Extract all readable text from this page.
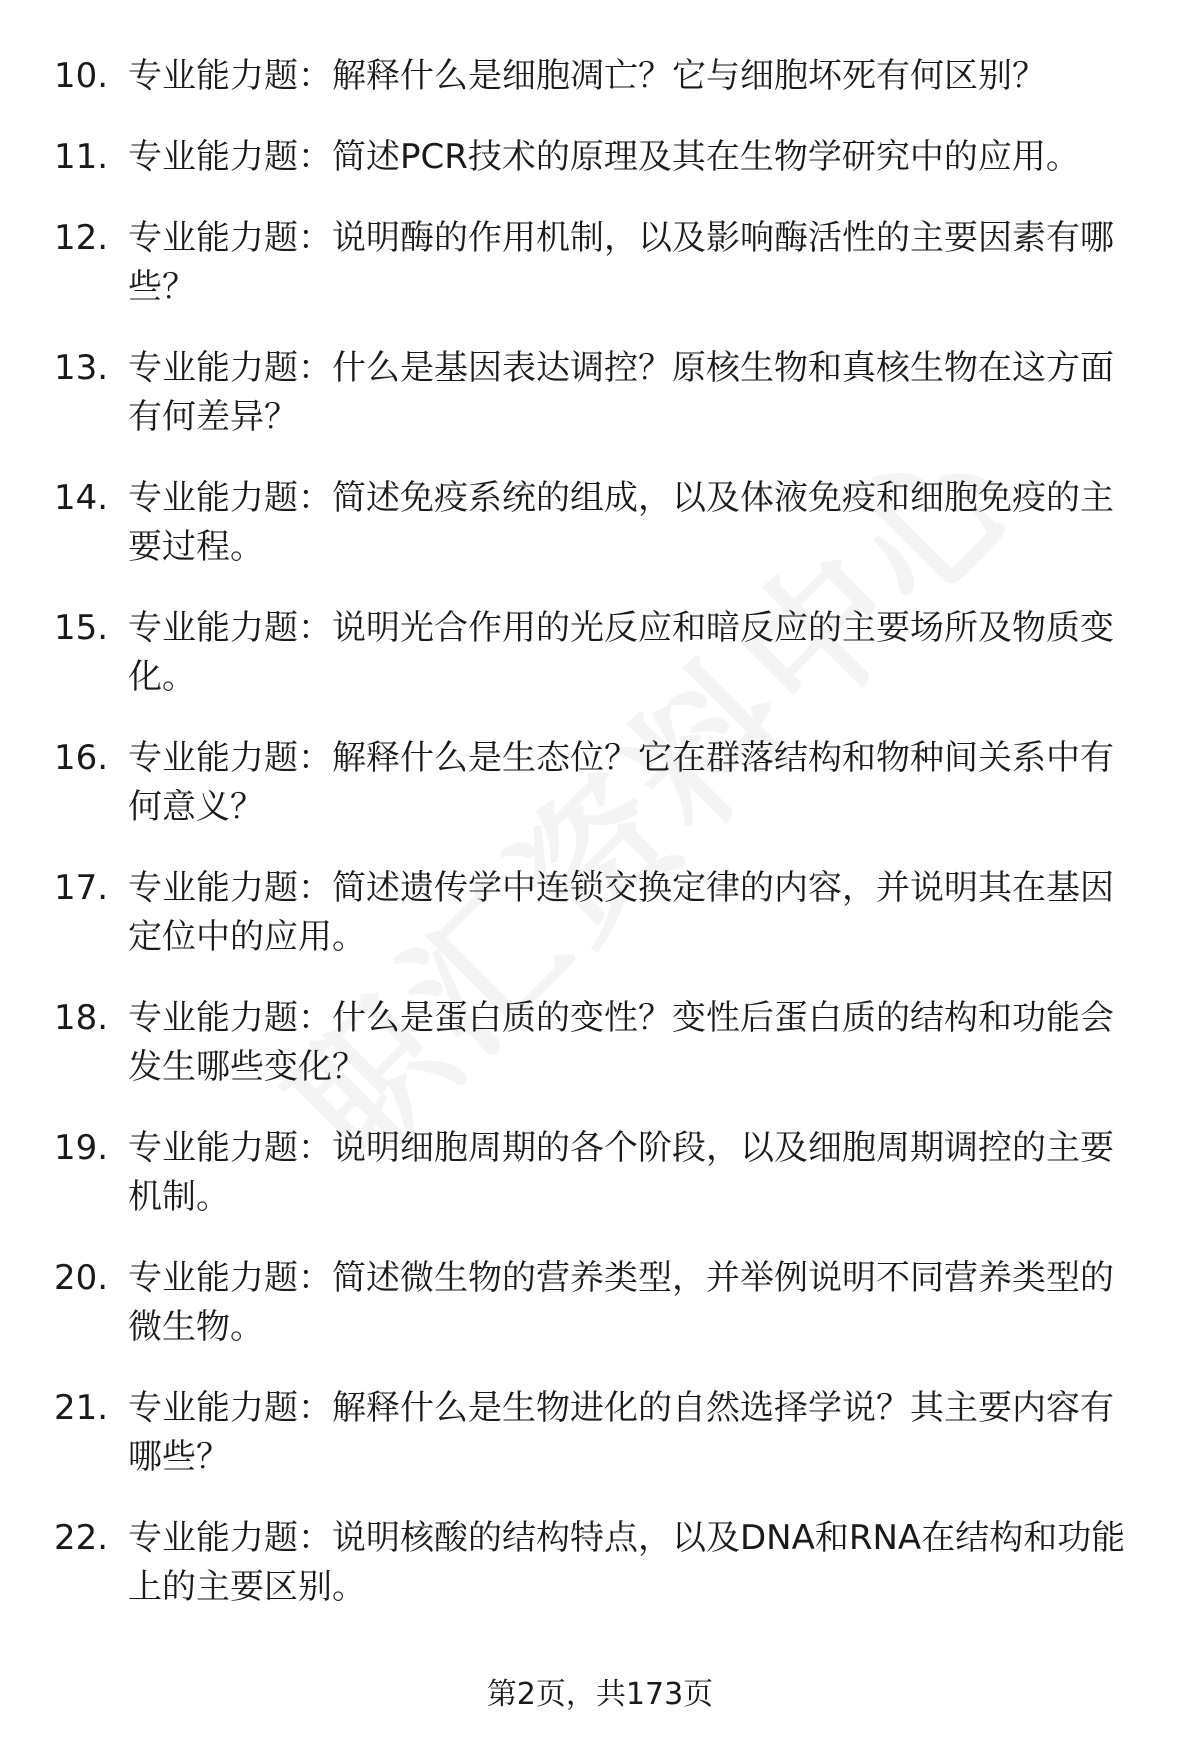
10. 专业能力题：解释什么是细胞凋亡？它与细胞坏死有何区别？
11. 专业能力题：简述PCR技术的原理及其在生物学研究中的应用。
12. 专业能力题：说明酶的作用机制，以及影响酶活性的主要因素有哪些？
13. 专业能力题：什么是基因表达调控？原核生物和真核生物在这方面有何差异？
14. 专业能力题：简述免疫系统的组成，以及体液免疫和细胞免疫的主要过程。
15. 专业能力题：说明光合作用的光反应和暗反应的主要场所及物质变化。
16. 专业能力题：解释什么是生态位？它在群落结构和物种间关系中有何意义？
17. 专业能力题：简述遗传学中连锁交换定律的内容，并说明其在基因定位中的应用。
18. 专业能力题：什么是蛋白质的变性？变性后蛋白质的结构和功能会发生哪些变化？
19. 专业能力题：说明细胞周期的各个阶段，以及细胞周期调控的主要机制。
20. 专业能力题：简述微生物的营养类型，并举例说明不同营养类型的微生物。
21. 专业能力题：解释什么是生物进化的自然选择学说？其主要内容有哪些？
22. 专业能力题：说明核酸的结构特点，以及DNA和RNA在结构和功能上的主要区别。
第2页，共173页
